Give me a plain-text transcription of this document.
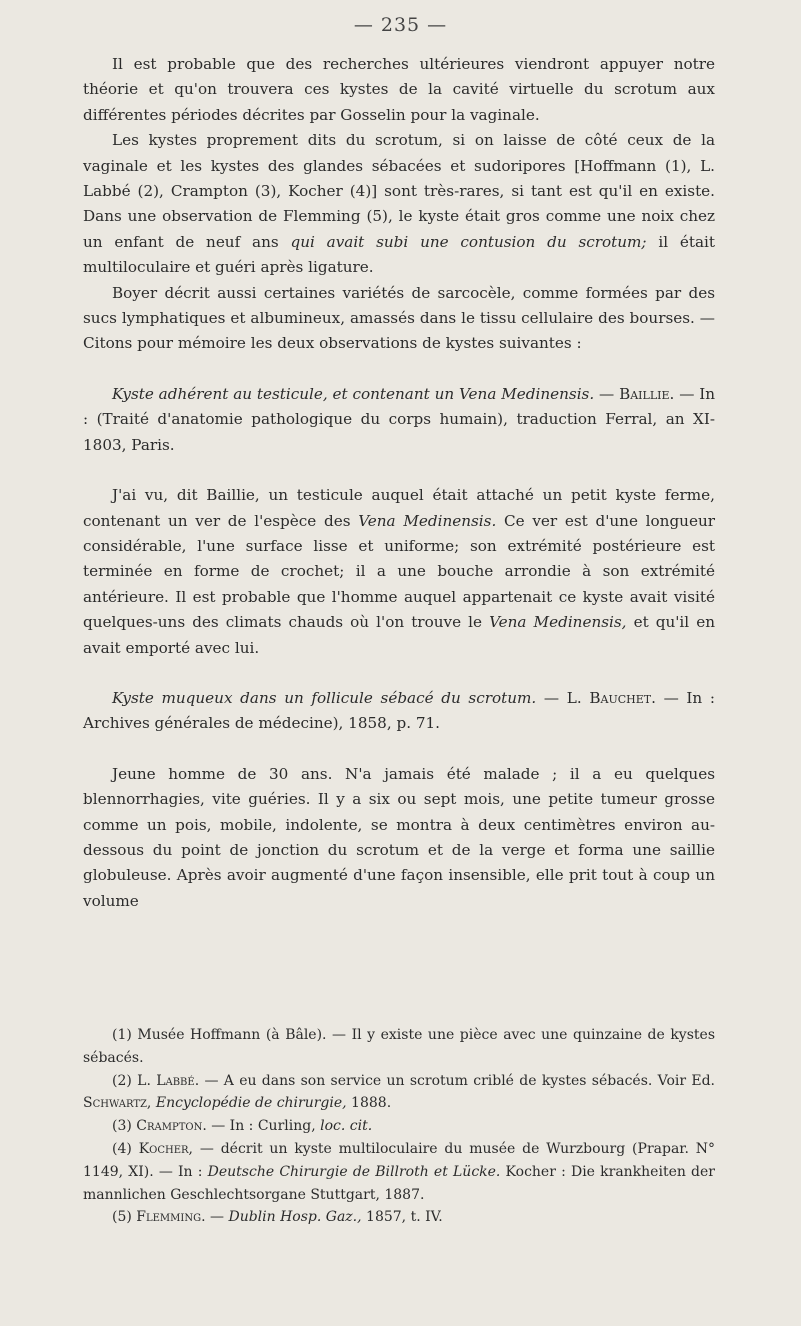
— 235 —

Il est probable que des recherches ultérieures viendront appuyer notre théorie et qu'on trouvera ces kystes de la cavité virtuelle du scrotum aux différentes périodes décrites par Gosselin pour la vaginale.

Les kystes proprement dits du scrotum, si on laisse de côté ceux de la vaginale et les kystes des glandes sébacées et sudoripores [Hoffmann (1), L. Labbé (2), Crampton (3), Kocher (4)] sont très-rares, si tant est qu'il en existe. Dans une observation de Flemming (5), le kyste était gros comme une noix chez un enfant de neuf ans qui avait subi une contusion du scrotum; il était multiloculaire et guéri après ligature.

Boyer décrit aussi certaines variétés de sarcocèle, comme formées par des sucs lymphatiques et albumineux, amassés dans le tissu cellulaire des bourses. — Citons pour mémoire les deux observations de kystes suivantes :

Kyste adhérent au testicule, et contenant un Vena Medinensis. — Baillie. — In : (Traité d'anatomie pathologique du corps humain), traduction Ferral, an XI-1803, Paris.

J'ai vu, dit Baillie, un testicule auquel était attaché un petit kyste ferme, contenant un ver de l'espèce des Vena Medinensis. Ce ver est d'une longueur considérable, l'une surface lisse et uniforme; son extrémité postérieure est terminée en forme de crochet; il a une bouche arrondie à son extrémité antérieure. Il est probable que l'homme auquel appartenait ce kyste avait visité quelques-uns des climats chauds où l'on trouve le Vena Medinensis, et qu'il en avait emporté avec lui.

Kyste muqueux dans un follicule sébacé du scrotum. — L. Bauchet. — In : Archives générales de médecine), 1858, p. 71.

Jeune homme de 30 ans. N'a jamais été malade ; il a eu quelques blennorrhagies, vite guéries. Il y a six ou sept mois, une petite tumeur grosse comme un pois, mobile, indolente, se montra à deux centimètres environ au-dessous du point de jonction du scrotum et de la verge et forma une saillie globuleuse. Après avoir augmenté d'une façon insensible, elle prit tout à coup un volume

(1) Musée Hoffmann (à Bâle). — Il y existe une pièce avec une quinzaine de kystes sébacés.

(2) L. Labbé. — A eu dans son service un scrotum criblé de kystes sébacés. Voir Ed. Schwartz, Encyclopédie de chirurgie, 1888.

(3) Crampton. — In : Curling, loc. cit.

(4) Kocher, — décrit un kyste multiloculaire du musée de Wurzbourg (Prapar. N° 1149, XI). — In : Deutsche Chirurgie de Billroth et Lücke. Kocher : Die krankheiten der mannlichen Geschlechtsorgane Stuttgart, 1887.

(5) Flemming. — Dublin Hosp. Gaz., 1857, t. IV.
